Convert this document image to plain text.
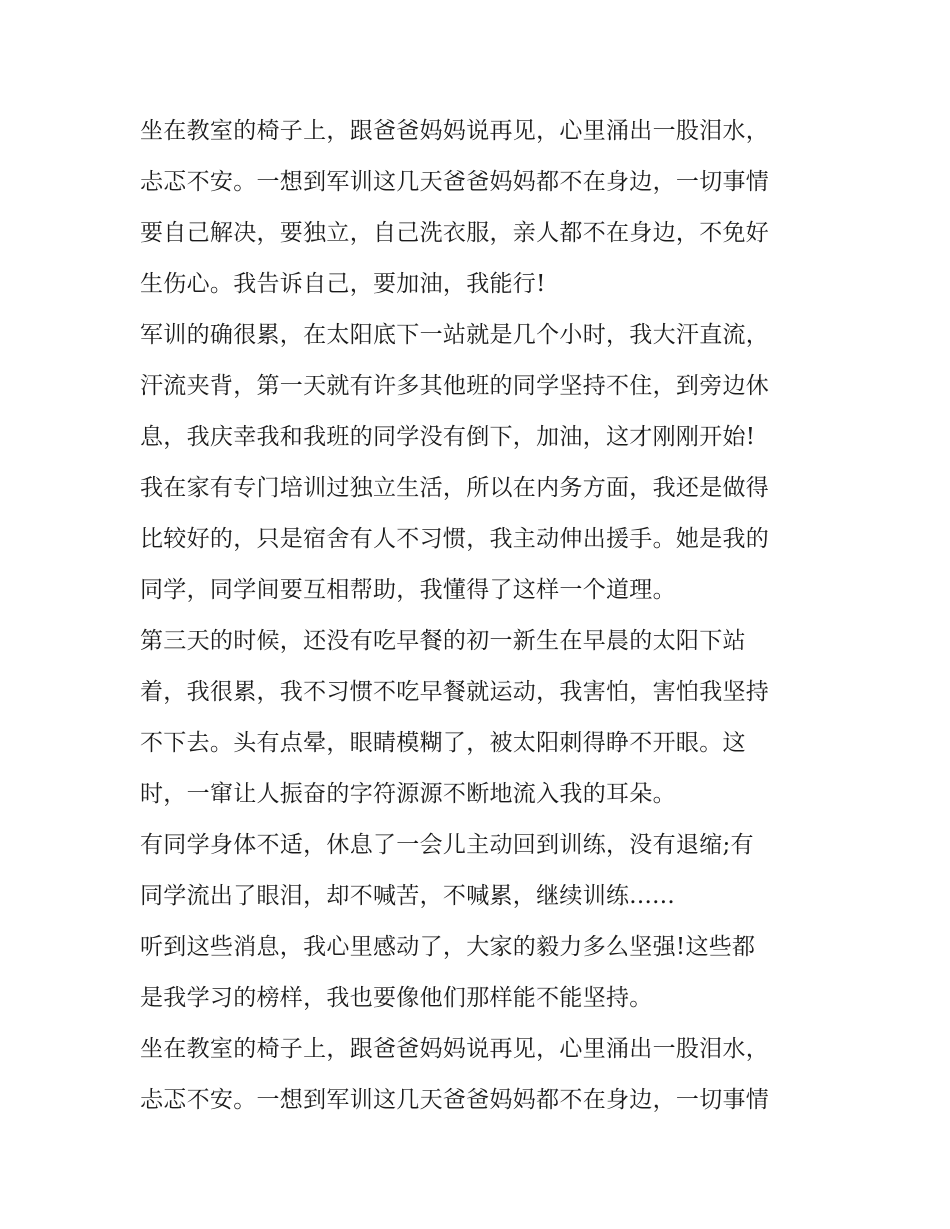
坐在教室的椅子上，跟爸爸妈妈说再见，心里涌出一股泪水，
忐忑不安。一想到军训这几天爸爸妈妈都不在身边，一切事情
要自己解决，要独立，自己洗衣服，亲人都不在身边，不免好
生伤心。我告诉自己，要加油，我能行!
军训的确很累，在太阳底下一站就是几个小时，我大汗直流，
汗流夹背，第一天就有许多其他班的同学坚持不住，到旁边休
息，我庆幸我和我班的同学没有倒下，加油，这才刚刚开始!
我在家有专门培训过独立生活，所以在内务方面，我还是做得
比较好的，只是宿舍有人不习惯，我主动伸出援手。她是我的
同学，同学间要互相帮助，我懂得了这样一个道理。
第三天的时候，还没有吃早餐的初一新生在早晨的太阳下站
着，我很累，我不习惯不吃早餐就运动，我害怕，害怕我坚持
不下去。头有点晕，眼睛模糊了，被太阳刺得睁不开眼。这
时，一窜让人振奋的字符源源不断地流入我的耳朵。
有同学身体不适，休息了一会儿主动回到训练，没有退缩;有
同学流出了眼泪，却不喊苦，不喊累，继续训练......
听到这些消息，我心里感动了，大家的毅力多么坚强!这些都
是我学习的榜样，我也要像他们那样能不能坚持。
坐在教室的椅子上，跟爸爸妈妈说再见，心里涌出一股泪水，
忐忑不安。一想到军训这几天爸爸妈妈都不在身边，一切事情
